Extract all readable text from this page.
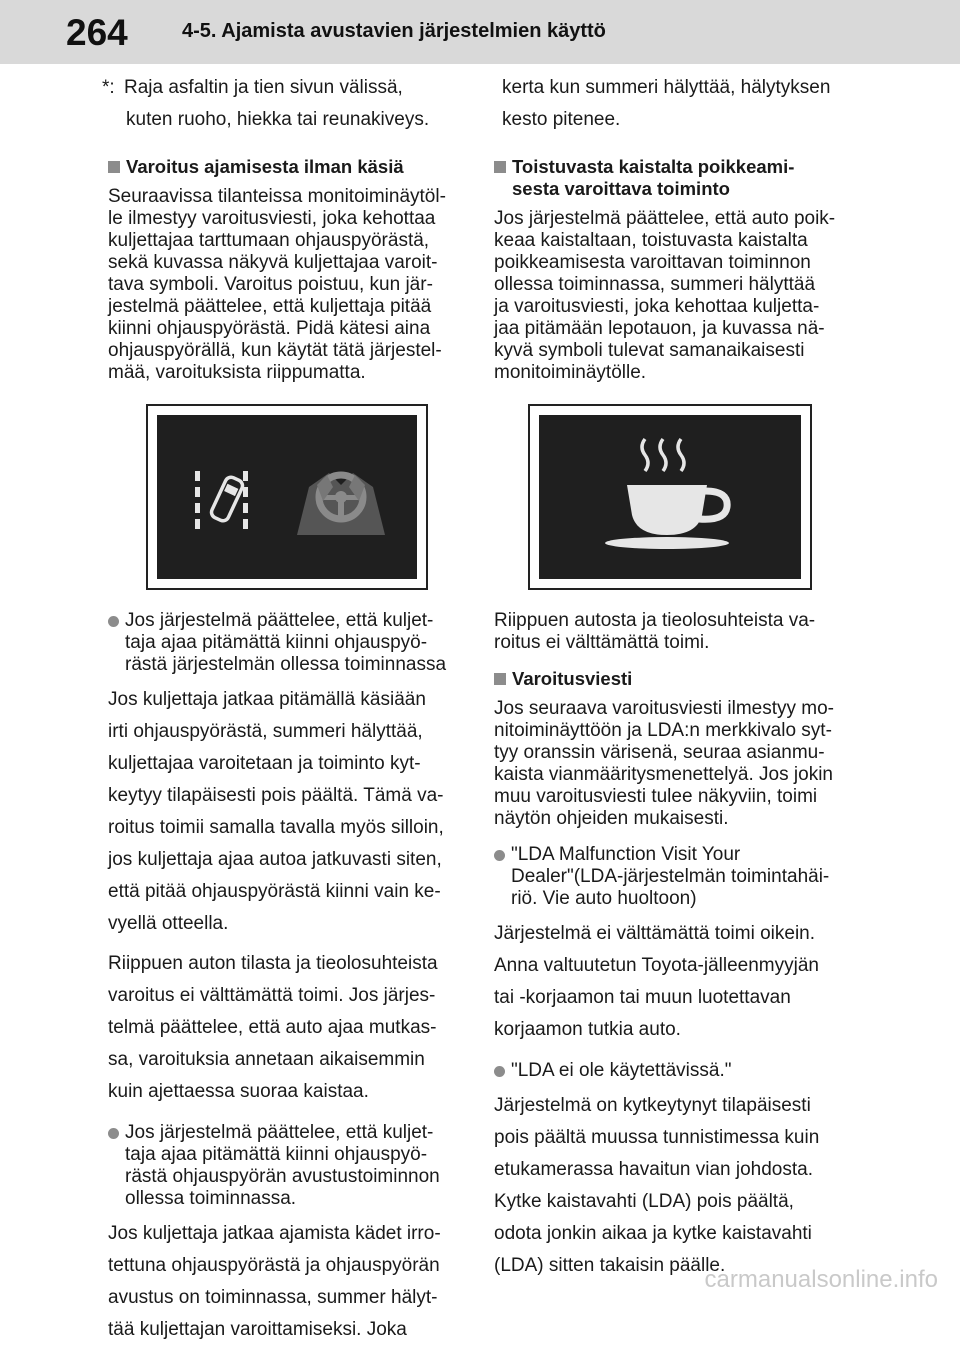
264	4-5. Ajamista avustavien järjestelmien käyttö

*: Raja asfaltin ja tien sivun välissä,

kuten ruoho, hiekka tai reunakiveys.

Varoitus ajamisesta ilman käsiä

Seuraavissa tilanteissa monitoiminäytöl-

le ilmestyy varoitusviesti, joka kehottaa

kuljettajaa tarttumaan ohjauspyörästä,

sekä kuvassa näkyvä kuljettajaa varoit-

tava symboli. Varoitus poistuu, kun jär-

jestelmä päättelee, että kuljettaja pitää

kiinni ohjauspyörästä. Pidä kätesi aina

ohjauspyörällä, kun käytät tätä järjestel-

mää, varoituksista riippumatta.

Jos järjestelmä päättelee, että kuljet-

taja ajaa pitämättä kiinni ohjauspyö-

rästä järjestelmän ollessa toiminnassa

Jos kuljettaja jatkaa pitämällä käsiään

irti ohjauspyörästä, summeri hälyttää,

kuljettajaa varoitetaan ja toiminto kyt-

keytyy tilapäisesti pois päältä. Tämä va-

roitus toimii samalla tavalla myös silloin,

jos kuljettaja ajaa autoa jatkuvasti siten,

että pitää ohjauspyörästä kiinni vain ke-

vyellä otteella.

Riippuen auton tilasta ja tieolosuhteista

varoitus ei välttämättä toimi. Jos järjes-

telmä päättelee, että auto ajaa mutkas-

sa, varoituksia annetaan aikaisemmin

kuin ajettaessa suoraa kaistaa.

Jos järjestelmä päättelee, että kuljet-

taja ajaa pitämättä kiinni ohjauspyö-

rästä ohjauspyörän avustustoiminnon

ollessa toiminnassa.

Jos kuljettaja jatkaa ajamista kädet irro-

tettuna ohjauspyörästä ja ohjauspyörän

avustus on toiminnassa, summer hälyt-

tää kuljettajan varoittamiseksi. Joka

kerta kun summeri hälyttää, hälytyksen

kesto pitenee.

Toistuvasta kaistalta poikkeami-
sesta varoittava toiminto

Jos järjestelmä päättelee, että auto poik-

keaa kaistaltaan, toistuvasta kaistalta

poikkeamisesta varoittavan toiminnon

ollessa toiminnassa, summeri hälyttää

ja varoitusviesti, joka kehottaa kuljetta-

jaa pitämään lepotauon, ja kuvassa nä-

kyvä symboli tulevat samanaikaisesti

monitoiminäytölle.

Riippuen autosta ja tieolosuhteista va-

roitus ei välttämättä toimi.

Varoitusviesti

Jos seuraava varoitusviesti ilmestyy mo-

nitoiminäyttöön ja LDA:n merkkivalo syt-

tyy oranssin värisenä, seuraa asianmu-

kaista vianmääritysmenettelyä. Jos jokin

muu varoitusviesti tulee näkyviin, toimi

näytön ohjeiden mukaisesti.

"LDA Malfunction Visit Your

Dealer"(LDA-järjestelmän toimintahäi-

riö. Vie auto huoltoon)

Järjestelmä ei välttämättä toimi oikein.

Anna valtuutetun Toyota-jälleenmyyjän

tai -korjaamon tai muun luotettavan

korjaamon tutkia auto.

"LDA ei ole käytettävissä."

Järjestelmä on kytkeytynyt tilapäisesti

pois päältä muussa tunnistimessa kuin

etukamerassa havaitun vian johdosta.

Kytke kaistavahti (LDA) pois päältä,

odota jonkin aikaa ja kytke kaistavahti

(LDA) sitten takaisin päälle.

carmanualsonline.info
